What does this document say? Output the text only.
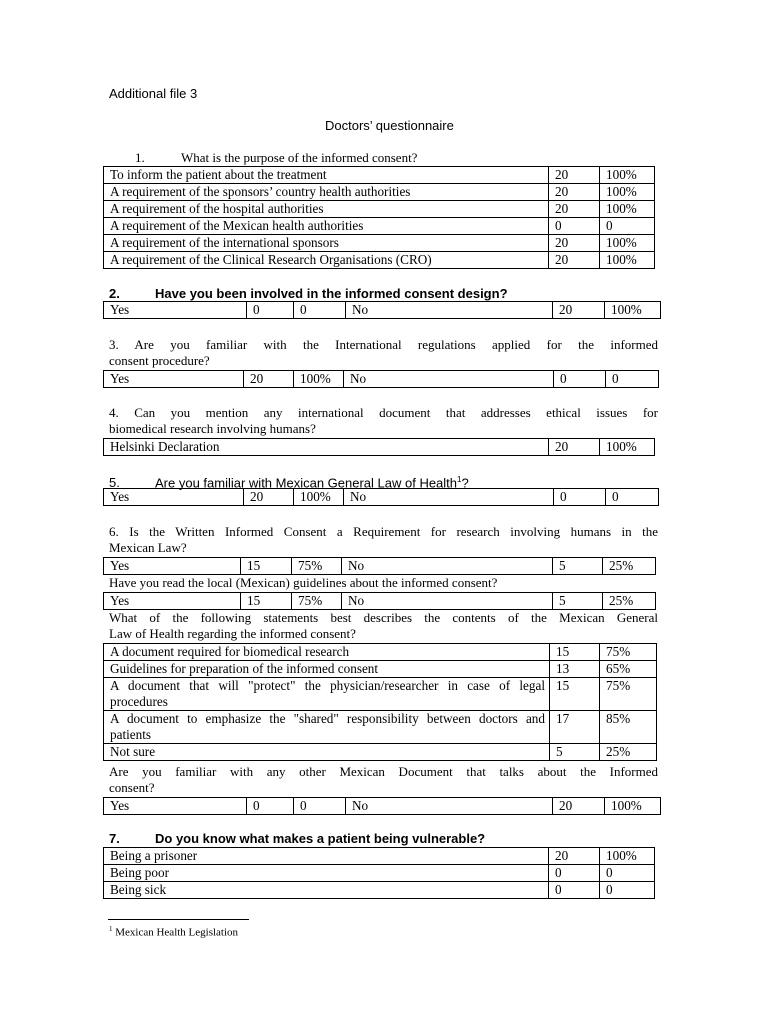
Additional file 3
Doctors’ questionnaire
1.	What is the purpose of the informed consent?
To inform the patient about the treatment	20	100%
A requirement of the sponsors’ country health authorities	20	100%
A requirement of the hospital authorities	20	100%
A requirement of the Mexican health authorities	0	0
A requirement of the international sponsors	20	100%
A requirement of the Clinical Research Organisations (CRO)	20	100%
2.	Have you been involved in the informed consent design?
Yes	0	0	No	20	100%
3. Are you familiar with the International regulations applied for the informed
consent procedure?
Yes	20	100%	No	0	0
4. Can you mention any international document that addresses ethical issues for
biomedical research involving humans?
Helsinki Declaration	20	100%
5.	Are you familiar with Mexican General Law of Health$^1$?
Yes	20	100%	No	0	0
6. Is the Written Informed Consent a Requirement for research involving humans in the
Mexican Law?
Yes	15	75%	No	5	25%
Have you read the local (Mexican) guidelines about the informed consent?
Yes	15	75%	No	5	25%
What of the following statements best describes the contents of the Mexican General
Law of Health regarding the informed consent?
A document required for biomedical research	15	75%
Guidelines for preparation of the informed consent	13	65%
A document that will "protect" the physician/researcher in case of legal procedures	15	75%
A document to emphasize the "shared" responsibility between doctors and patients	17	85%
Not sure	5	25%
Are you familiar with any other Mexican Document that talks about the Informed
consent?
Yes	0	0	No	20	100%
7.	Do you know what makes a patient being vulnerable?
Being a prisoner	20	100%
Being poor	0	0
Being sick	0	0
$^1$ Mexican Health Legislation
